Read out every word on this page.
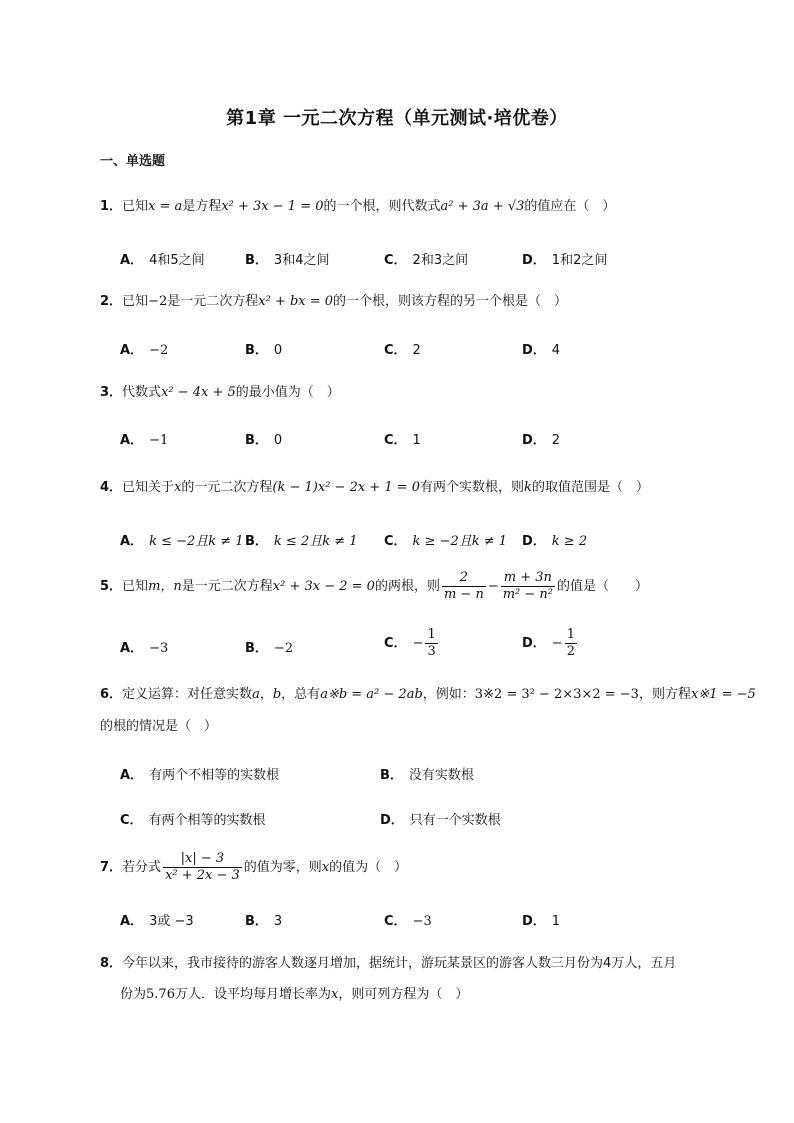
第1章 一元二次方程（单元测试·培优卷）
一、单选题
1．已知x = a是方程x² + 3x − 1 = 0的一个根，则代数式a² + 3a + √3的值应在（　）
A． 4和5之间	B． 3和4之间	C． 2和3之间	D． 1和2之间
2．已知−2是一元二次方程x² + bx = 0的一个根，则该方程的另一个根是（　）
A． −2	B． 0	C． 2	D． 4
3．代数式x² − 4x + 5的最小值为（　）
A． −1	B． 0	C． 1	D． 2
4．已知关于x的一元二次方程(k − 1)x² − 2x + 1 = 0有两个实数根，则k的取值范围是（　）
A． k ≤ −2且k ≠ 1 B． k ≤ 2且k ≠ 1 C． k ≥ −2且k ≠ 1 D． k ≥ 2
5．已知m，n是一元二次方程x² + 3x − 2 = 0的两根，则 $\frac{2}{m - n} - \frac{m + 3n}{\text{m² − n²}}$ 的值是（　　）
A． −3	B． −2	C． − $\frac{1}{3}$	D． − $\frac{1}{2}$
6．定义运算：对任意实数a，b，总有a※b = a² − 2ab，例如：3※2 = 3² − 2×3×2 = −3，则方程x※1 = −5
的根的情况是（　）
A． 有两个不相等的实数根	B． 没有实数根
C． 有两个相等的实数根	D． 只有一个实数根
7．若分式 $\frac{|x| - 3}{\text{x² + 2x − 3}}$ 的值为零，则x的值为（　）
A． 3或 −3	B． 3	C． −3	D． 1
8．今年以来，我市接待的游客人数逐月增加，据统计，游玩某景区的游客人数三月份为4万人，五月
份为5.76万人．设平均每月增长率为x，则可列方程为（　）
